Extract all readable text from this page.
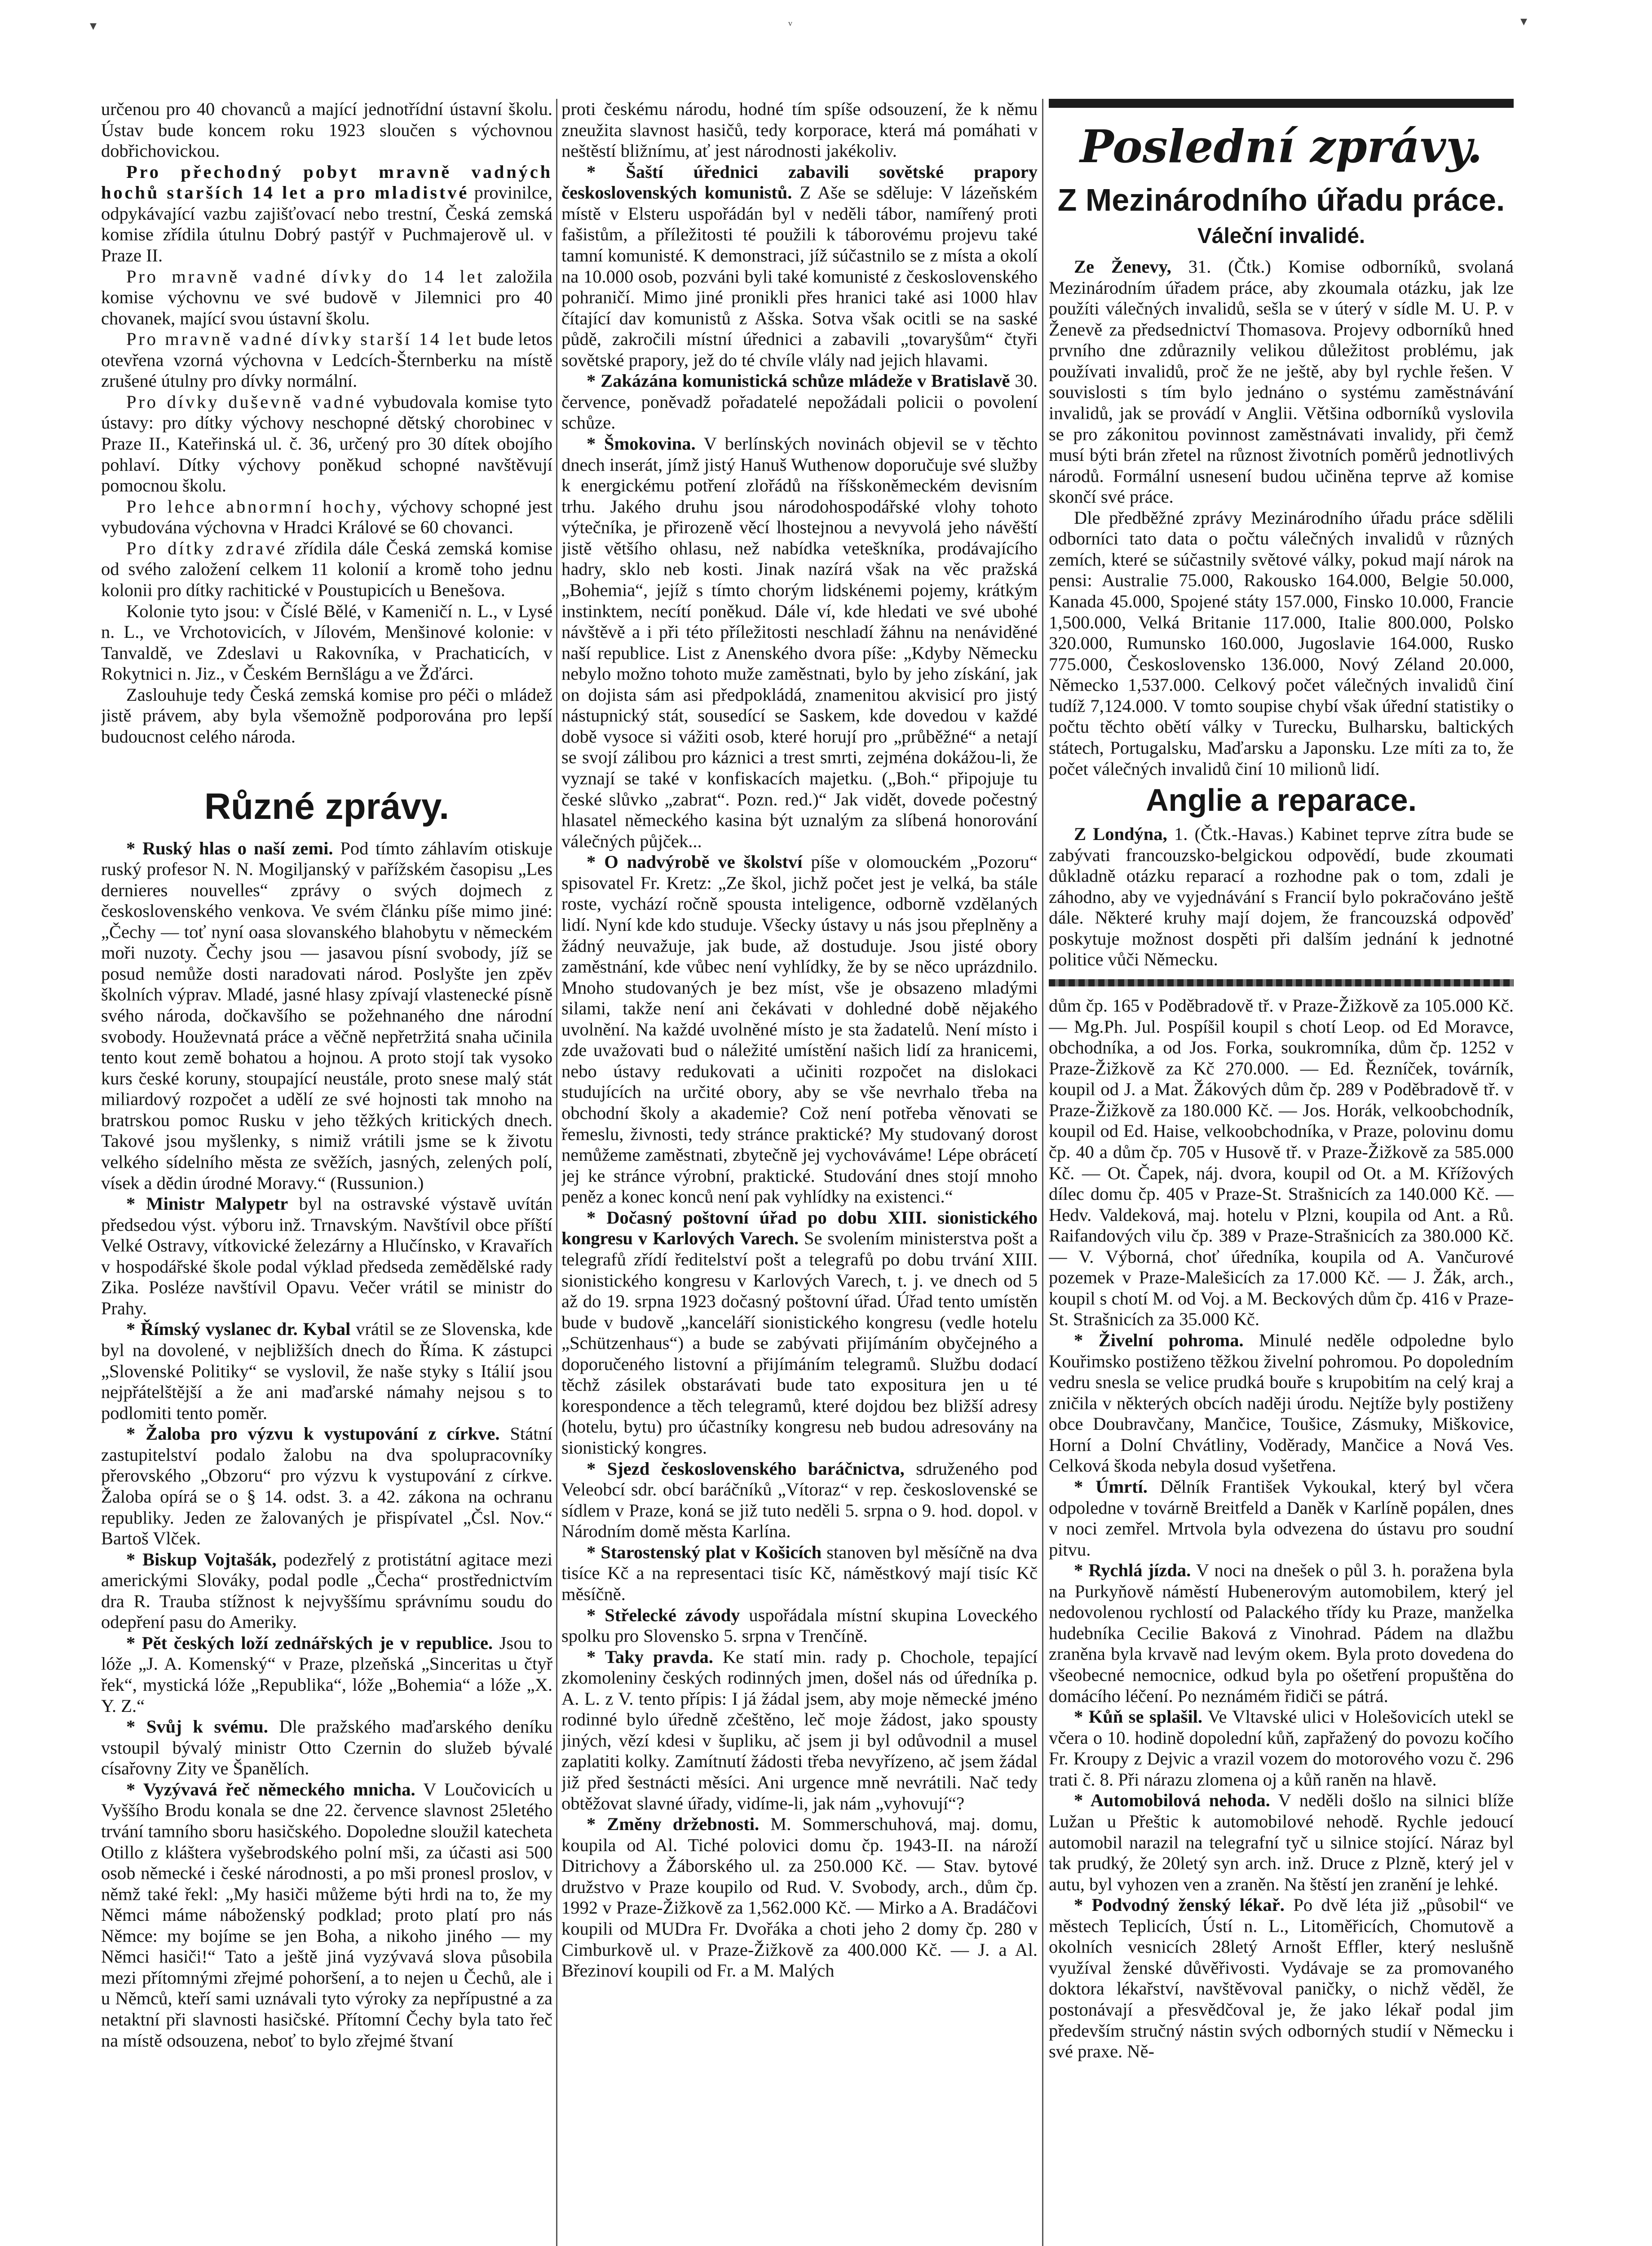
▾	ᵛ	▾

určenou pro 40 chovanců a mající jednotřídní ústavní školu. Ústav bude koncem roku 1923 sloučen s výchovnou dobřichovickou.

Pro přechodný pobyt mravně vadných hochů starších 14 let a pro mladistvé provinilce, odpykávající vazbu zajišťovací nebo trestní, Česká zemská komise zřídila útulnu Dobrý pastýř v Puchmajerově ul. v Praze II.

Pro mravně vadné dívky do 14 let založila komise výchovnu ve své budově v Jilemnici pro 40 chovanek, mající svou ústavní školu.

Pro mravně vadné dívky starší 14 let bude letos otevřena vzorná výchovna v Ledcích-Šternberku na místě zrušené útulny pro dívky normální.

Pro dívky duševně vadné vybudovala komise tyto ústavy: pro dítky výchovy neschopné dětský chorobinec v Praze II., Kateřinská ul. č. 36, určený pro 30 dítek obojího pohlaví. Dítky výchovy poněkud schopné navštěvují pomocnou školu.

Pro lehce abnormní hochy, výchovy schopné jest vybudována výchovna v Hradci Králové se 60 chovanci.

Pro dítky zdravé zřídila dále Česká zemská komise od svého založení celkem 11 kolonií a kromě toho jednu kolonii pro dítky rachitické v Poustupicích u Benešova.

Kolonie tyto jsou: v Číslé Bělé, v Kameničí n. L., v Lysé n. L., ve Vrchotovicích, v Jílovém, Menšinové kolonie: v Tanvaldě, ve Zdeslavi u Rakovníka, v Prachaticích, v Rokytnici n. Jiz., v Českém Bernšlágu a ve Žďárci.

Zaslouhuje tedy Česká zemská komise pro péči o mládež jistě právem, aby byla všemožně podporována pro lepší budoucnost celého národa.

Různé zprávy.

* Ruský hlas o naší zemi. Pod tímto záhlavím otiskuje ruský profesor N. N. Mogiljanský v pařížském časopisu „Les dernieres nouvelles“ zprávy o svých dojmech z československého venkova. Ve svém článku píše mimo jiné: „Čechy — toť nyní oasa slovanského blahobytu v německém moři nuzoty. Čechy jsou — jasavou písní svobody, jíž se posud nemůže dosti naradovati národ. Poslyšte jen zpěv školních výprav. Mladé, jasné hlasy zpívají vlastenecké písně svého národa, dočkavšího se požehnaného dne národní svobody. Houževnatá práce a věčně nepřetržitá snaha učinila tento kout země bohatou a hojnou. A proto stojí tak vysoko kurs české koruny, stoupající neustále, proto snese malý stát miliardový rozpočet a udělí ze své hojnosti tak mnoho na bratrskou pomoc Rusku v jeho těžkých kritických dnech. Takové jsou myšlenky, s nimiž vrátili jsme se k životu velkého sídelního města ze svěžích, jasných, zelených polí, vísek a dědin úrodné Moravy.“ (Russunion.)

* Ministr Malypetr byl na ostravské výstavě uvítán předsedou výst. výboru inž. Trnavským. Navštívil obce příští Velké Ostravy, vítkovické železárny a Hlučínsko, v Kravařích v hospodářské škole podal výklad předseda zemědělské rady Zika. Posléze navštívil Opavu. Večer vrátil se ministr do Prahy.

* Římský vyslanec dr. Kybal vrátil se ze Slovenska, kde byl na dovolené, v nejbližších dnech do Říma. K zástupci „Slovenské Politiky“ se vyslovil, že naše styky s Itálií jsou nejpřátelštější a že ani maďarské námahy nejsou s to podlomiti tento poměr.

* Žaloba pro výzvu k vystupování z církve. Státní zastupitelství podalo žalobu na dva spolupracovníky přerovského „Obzoru“ pro výzvu k vystupování z církve. Žaloba opírá se o § 14. odst. 3. a 42. zákona na ochranu republiky. Jeden ze žalovaných je přispívatel „Čsl. Nov.“ Bartoš Vlček.

* Biskup Vojtašák, podezřelý z protistátní agitace mezi americkými Slováky, podal podle „Čecha“ prostřednictvím dra R. Trauba stížnost k nejvyššímu správnímu soudu do odepření pasu do Ameriky.

* Pět českých loží zednářských je v republice. Jsou to lóže „J. A. Komenský“ v Praze, plzeňská „Sinceritas u čtyř řek“, mystická lóže „Republika“, lóže „Bohemia“ a lóže „X. Y. Z.“

* Svůj k svému. Dle pražského maďarského deníku vstoupil bývalý ministr Otto Czernin do služeb bývalé císařovny Zity ve Španělích.

* Vyzývavá řeč německého mnicha. V Loučovicích u Vyššího Brodu konala se dne 22. července slavnost 25letého trvání tamního sboru hasičského. Dopoledne sloužil katecheta Otillo z kláštera vyšebrodského polní mši, za účasti asi 500 osob německé i české národnosti, a po mši pronesl proslov, v němž také řekl: „My hasiči můžeme býti hrdi na to, že my Němci máme náboženský podklad; proto platí pro nás Němce: my bojíme se jen Boha, a nikoho jiného — my Němci hasiči!“ Tato a ještě jiná vyzývavá slova působila mezi přítomnými zřejmé pohoršení, a to nejen u Čechů, ale i u Němců, kteří sami uznávali tyto výroky za nepřípustné a za netaktní při slavnosti hasičské. Přítomní Čechy byla tato řeč na místě odsouzena, neboť to bylo zřejmé štvaní

proti českému národu, hodné tím spíše odsouzení, že k němu zneužita slavnost hasičů, tedy korporace, která má pomáhati v neštěstí bližnímu, ať jest národnosti jakékoliv.

* Šaští úřednici zabavili sovětské prapory československých komunistů. Z Aše se sděluje: V lázeňském místě v Elsteru uspořádán byl v neděli tábor, namířený proti fašistům, a příležitosti té použili k táborovému projevu také tamní komunisté. K demonstraci, jíž súčastnilo se z místa a okolí na 10.000 osob, pozváni byli také komunisté z československého pohraničí. Mimo jiné pronikli přes hranici také asi 1000 hlav čítající dav komunistů z Ašska. Sotva však ocitli se na saské půdě, zakročili místní úřednici a zabavili „tovaryšům“ čtyři sovětské prapory, jež do té chvíle vlály nad jejich hlavami.

* Zakázána komunistická schůze mládeže v Bratislavě 30. července, poněvadž pořadatelé nepožádali policii o povolení schůze.

* Šmokovina. V berlínských novinách objevil se v těchto dnech inserát, jímž jistý Hanuš Wuthenow doporučuje své služby k energickému potření zlořádů na říšskoněmeckém devisním trhu. Jakého druhu jsou národohospodářské vlohy tohoto výtečníka, je přirozeně věcí lhostejnou a nevyvolá jeho návěští jistě většího ohlasu, než nabídka veteškníka, prodávajícího hadry, sklo neb kosti. Jinak nazírá však na věc pražská „Bohemia“, jejíž s tímto chorým lidskénemi pojemy, krátkým instinktem, necítí poněkud. Dále ví, kde hledati ve své ubohé návštěvě a i při této příležitosti neschladí žáhnu na nenáviděné naší republice. List z Anenského dvora píše: „Kdyby Německu nebylo možno tohoto muže zaměstnati, bylo by jeho získání, jak on dojista sám asi předpokládá, znamenitou akvisicí pro jistý nástupnický stát, sousedící se Saskem, kde dovedou v každé době vysoce si vážiti osob, které horují pro „průběžné“ a netají se svojí zálibou pro káznici a trest smrti, zejména dokážou-li, že vyznají se také v konfiskacích majetku. („Boh.“ připojuje tu české slůvko „zabrat“. Pozn. red.)“ Jak vidět, dovede počestný hlasatel německého kasina být uznalým za slíbená honorování válečných půjček...

* O nadvýrobě ve školství píše v olomouckém „Pozoru“ spisovatel Fr. Kretz: „Ze škol, jichž počet jest je velká, ba stále roste, vychází ročně spousta inteligence, odborně vzdělaných lidí. Nyní kde kdo studuje. Všecky ústavy u nás jsou přeplněny a žádný neuvažuje, jak bude, až dostuduje. Jsou jisté obory zaměstnání, kde vůbec není vyhlídky, že by se něco uprázdnilo. Mnoho studovaných je bez míst, vše je obsazeno mladými silami, takže není ani čekávati v dohledné době nějakého uvolnění. Na každé uvolněné místo je sta žadatelů. Není místo i zde uvažovati bud o náležité umístění našich lidí za hranicemi, nebo ústavy redukovati a učiniti rozpočet na dislokaci studujících na určité obory, aby se vše nevrhalo třeba na obchodní školy a akademie? Což není potřeba věnovati se řemeslu, živnosti, tedy stránce praktické? My studovaný dorost nemůžeme zaměstnati, zbytečně jej vychováváme! Lépe obrácetí jej ke stránce výrobní, praktické. Studování dnes stojí mnoho peněz a konec konců není pak vyhlídky na existenci.“

* Dočasný poštovní úřad po dobu XIII. sionistického kongresu v Karlových Varech. Se svolením ministerstva pošt a telegrafů zřídí ředitelství pošt a telegrafů po dobu trvání XIII. sionistického kongresu v Karlových Varech, t. j. ve dnech od 5 až do 19. srpna 1923 dočasný poštovní úřad. Úřad tento umístěn bude v budově „kanceláří sionistického kongresu (vedle hotelu „Schützenhaus“) a bude se zabývati přijímáním obyčejného a doporučeného listovní a přijímáním telegramů. Službu dodací těchž zásilek obstarávati bude tato expositura jen u té korespondence a těch telegramů, které dojdou bez bližší adresy (hotelu, bytu) pro účastníky kongresu neb budou adresovány na sionistický kongres.

* Sjezd československého baráčnictva, sdruženého pod Veleobcí sdr. obcí baráčníků „Vítoraz“ v rep. československé se sídlem v Praze, koná se již tuto neděli 5. srpna o 9. hod. dopol. v Národním domě města Karlína.

* Starostenský plat v Košicích stanoven byl měsíčně na dva tisíce Kč a na representaci tisíc Kč, náměstkový mají tisíc Kč měsíčně.

* Střelecké závody uspořádala místní skupina Loveckého spolku pro Slovensko 5. srpna v Trenčíně.

* Taky pravda. Ke statí min. rady p. Chochole, tepající zkomoleniny českých rodinných jmen, došel nás od úředníka p. A. L. z V. tento přípis: I já žádal jsem, aby moje německé jméno rodinné bylo úředně zčeštěno, leč moje žádost, jako spousty jiných, vězí kdesi v šupliku, ač jsem ji byl odůvodnil a musel zaplatiti kolky. Zamítnutí žádosti třeba nevyřízeno, ač jsem žádal již před šestnácti měsíci. Ani urgence mně nevrátili. Nač tedy obtěžovat slavné úřady, vidíme-li, jak nám „vyhovují“?

* Změny držebnosti. M. Sommerschuhová, maj. domu, koupila od Al. Tiché polovici domu čp. 1943-II. na nároží Ditrichovy a Žáborského ul. za 250.000 Kč. — Stav. bytové družstvo v Praze koupilo od Rud. V. Svobody, arch., dům čp. 1992 v Praze-Žižkově za 1,562.000 Kč. — Mirko a A. Bradáčovi koupili od MUDra Fr. Dvořáka a choti jeho 2 domy čp. 280 v Cimburkově ul. v Praze-Žižkově za 400.000 Kč. — J. a Al. Březinoví koupili od Fr. a M. Malých

Poslední zprávy.
Z Mezinárodního úřadu práce.
Váleční invalidé.

Ze Ženevy, 31. (Čtk.) Komise odborníků, svolaná Mezinárodním úřadem práce, aby zkoumala otázku, jak lze použíti válečných invalidů, sešla se v úterý v sídle M. U. P. v Ženevě za předsednictví Thomasova. Projevy odborníků hned prvního dne zdůraznily velikou důležitost problému, jak používati invalidů, proč že ne ještě, aby byl rychle řešen. V souvislosti s tím bylo jednáno o systému zaměstnávání invalidů, jak se provádí v Anglii. Většina odborníků vyslovila se pro zákonitou povinnost zaměstnávati invalidy, při čemž musí býti brán zřetel na různost životních poměrů jednotlivých národů. Formální usnesení budou učiněna teprve až komise skončí své práce.

Dle předběžné zprávy Mezinárodního úřadu práce sdělili odborníci tato data o počtu válečných invalidů v různých zemích, které se súčastnily světové války, pokud mají nárok na pensi: Australie 75.000, Rakousko 164.000, Belgie 50.000, Kanada 45.000, Spojené státy 157.000, Finsko 10.000, Francie 1,500.000, Velká Britanie 117.000, Italie 800.000, Polsko 320.000, Rumunsko 160.000, Jugoslavie 164.000, Rusko 775.000, Československo 136.000, Nový Zéland 20.000, Německo 1,537.000. Celkový počet válečných invalidů činí tudíž 7,124.000. V tomto soupise chybí však úřední statistiky o počtu těchto obětí války v Turecku, Bulharsku, baltických státech, Portugalsku, Maďarsku a Japonsku. Lze míti za to, že počet válečných invalidů činí 10 milionů lidí.

Anglie a reparace.

Z Londýna, 1. (Čtk.-Havas.) Kabinet teprve zítra bude se zabývati francouzsko-belgickou odpovědí, bude zkoumati důkladně otázku reparací a rozhodne pak o tom, zdali je záhodno, aby ve vyjednávání s Francií bylo pokračováno ještě dále. Některé kruhy mají dojem, že francouzská odpověď poskytuje možnost dospěti při dalším jednání k jednotné politice vůči Německu.

dům čp. 165 v Poděbradově tř. v Praze-Žižkově za 105.000 Kč. — Mg.Ph. Jul. Pospíšil koupil s chotí Leop. od Ed Moravce, obchodníka, a od Jos. Forka, soukromníka, dům čp. 1252 v Praze-Žižkově za Kč 270.000. — Ed. Řezníček, továrník, koupil od J. a Mat. Žákových dům čp. 289 v Poděbradově tř. v Praze-Žižkově za 180.000 Kč. — Jos. Horák, velkoobchodník, koupil od Ed. Haise, velkoobchodníka, v Praze, polovinu domu čp. 40 a dům čp. 705 v Husově tř. v Praze-Žižkově za 585.000 Kč. — Ot. Čapek, náj. dvora, koupil od Ot. a M. Křížových dílec domu čp. 405 v Praze-St. Strašnicích za 140.000 Kč. — Hedv. Valdeková, maj. hotelu v Plzni, koupila od Ant. a Rů. Raifandových vilu čp. 389 v Praze-Strašnicích za 380.000 Kč. — V. Výborná, choť úředníka, koupila od A. Vančurové pozemek v Praze-Malešicích za 17.000 Kč. — J. Žák, arch., koupil s chotí M. od Voj. a M. Beckových dům čp. 416 v Praze-St. Strašnicích za 35.000 Kč.

* Živelní pohroma. Minulé neděle odpoledne bylo Kouřimsko postiženo těžkou živelní pohromou. Po dopoledním vedru snesla se velice prudká bouře s krupobitím na celý kraj a zničila v některých obcích naději úrodu. Nejtíže byly postiženy obce Doubravčany, Mančice, Toušice, Zásmuky, Miškovice, Horní a Dolní Chvátliny, Voděrady, Mančice a Nová Ves. Celková škoda nebyla dosud vyšetřena.

* Úmrtí. Dělník František Vykoukal, který byl včera odpoledne v továrně Breitfeld a Daněk v Karlíně popálen, dnes v noci zemřel. Mrtvola byla odvezena do ústavu pro soudní pitvu.

* Rychlá jízda. V noci na dnešek o půl 3. h. poražena byla na Purkyňově náměstí Hubenerovým automobilem, který jel nedovolenou rychlostí od Palackého třídy ku Praze, manželka hudebníka Cecilie Baková z Vinohrad. Pádem na dlažbu zraněna byla krvavě nad levým okem. Byla proto dovedena do všeobecné nemocnice, odkud byla po ošetření propuštěna do domácího léčení. Po neznámém řidiči se pátrá.

* Kůň se splašil. Ve Vltavské ulici v Holešovicích utekl se včera o 10. hodině dopolední kůň, zapřažený do povozu kočího Fr. Kroupy z Dejvic a vrazil vozem do motorového vozu č. 296 trati č. 8. Při nárazu zlomena oj a kůň raněn na hlavě.

* Automobilová nehoda. V neděli došlo na silnici blíže Lužan u Přeštic k automobilové nehodě. Rychle jedoucí automobil narazil na telegrafní tyč u silnice stojící. Náraz byl tak prudký, že 20letý syn arch. inž. Druce z Plzně, který jel v autu, byl vyhozen ven a zraněn. Na štěstí jen zranění je lehké.

* Podvodný ženský lékař. Po dvě léta již „působil“ ve městech Teplicích, Ústí n. L., Litoměřicích, Chomutově a okolních vesnicích 28letý Arnošt Effler, který neslušně využíval ženské důvěřivosti. Vydávaje se za promovaného doktora lékařství, navštěvoval paničky, o nichž věděl, že postonávají a přesvědčoval je, že jako lékař podal jim především stručný nástin svých odborných studií v Německu i své praxe. Ně-
